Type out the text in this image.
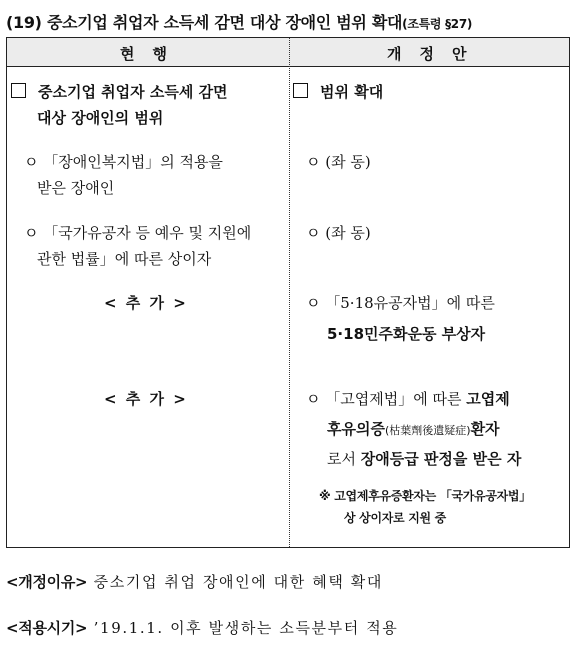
(19) 중소기업 취업자 소득세 감면 대상 장애인 범위 확대(조특령 §27)
현행	개정안
중소기업 취업자 소득세 감면
대상 장애인의 범위
ㅇ 「장애인복지법」의 적용을
받은 장애인
ㅇ 「국가유공자 등 예우 및 지원에
관한 법률」에 따른 상이자
< 추 가 >
< 추 가 >
범위 확대
ㅇ (좌 동)
ㅇ (좌 동)
ㅇ 「5·18유공자법」에 따른
5·18민주화운동 부상자
ㅇ 「고엽제법」에 따른 고엽제
후유의증(枯葉劑後遺疑症)환자
로서 장애등급 판정을 받은 자
※ 고엽제후유증환자는 「국가유공자법」
상 상이자로 지원 중
<개정이유> 중소기업 취업 장애인에 대한 혜택 확대
<적용시기> ’19.1.1. 이후 발생하는 소득분부터 적용
